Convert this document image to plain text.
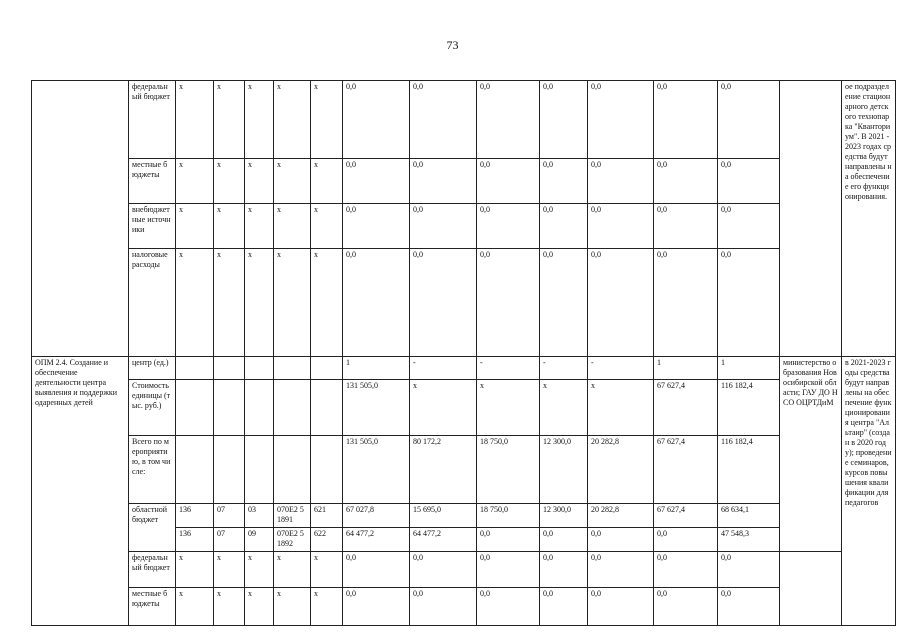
73
	федеральный бюджет	x	x	x	x	x	0,0	0,0	0,0	0,0	0,0	0,0	0,0		ое подразделение стационарного детского технопарка "Кванториум". В 2021 - 2023 годах средства будут направлены на обеспечение его функционирования.
	местные бюджеты	x	x	x	x	x	0,0	0,0	0,0	0,0	0,0	0,0	0,0		
	внебюджетные источники	x	x	x	x	x	0,0	0,0	0,0	0,0	0,0	0,0	0,0		
	налоговые расходы	x	x	x	x	x	0,0	0,0	0,0	0,0	0,0	0,0	0,0		
ОПМ 2.4. Создание и обеспечение деятельности центра выявления и поддержки одаренных детей	центр (ед.)						1	-	-	-	-	1	1	министерство образования Новосибирской области; ГАУ ДО НСО ОЦРТДиМ	в 2021-2023 годы средства будут направлены на обеспечение функционирования центра "Альтаир" (создан в 2020 году); проведение семинаров, курсов повышения квалификации для педагогов
	Стоимость единицы (тыс. руб.)						131 505,0	x	x	x	x	67 627,4	116 182,4		
	Всего по мероприятию, в том числе:						131 505,0	80 172,2	18 750,0	12 300,0	20 282,8	67 627,4	116 182,4		
	областной бюджет	136	07	03	070E2 51891	621	67 027,8	15 695,0	18 750,0	12 300,0	20 282,8	67 627,4	68 634,1		
		136	07	09	070E2 51892	622	64 477,2	64 477,2	0,0	0,0	0,0	0,0	47 548,3		
	федеральный бюджет	x	x	x	x	x	0,0	0,0	0,0	0,0	0,0	0,0	0,0		
	местные бюджеты	x	x	x	x	x	0,0	0,0	0,0	0,0	0,0	0,0	0,0		
